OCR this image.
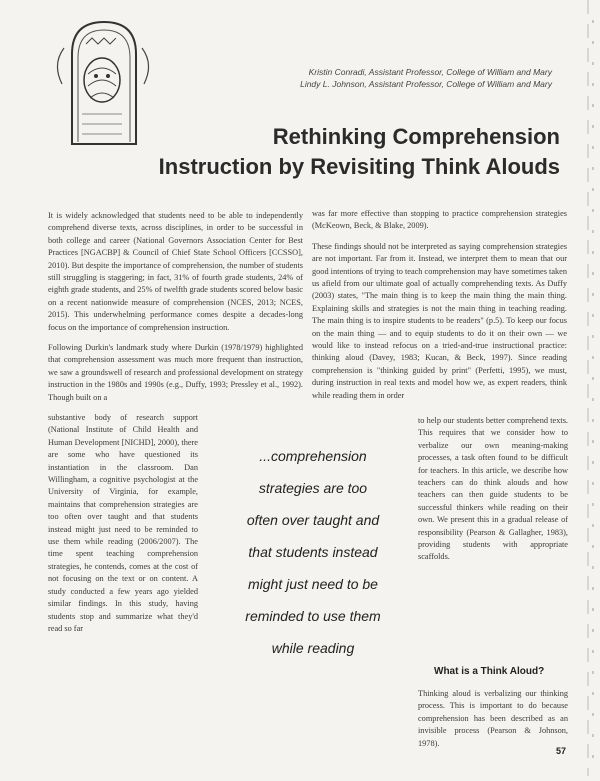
Kristin Conradi, Assistant Professor, College of William and Mary
Lindy L. Johnson, Assistant Professor, College of William and Mary
Rethinking Comprehension
Instruction by Revisiting Think Alouds

It is widely acknowledged that students need to be able to independently comprehend diverse texts, across disciplines, in order to be successful in both college and career (National Governors Association Center for Best Practices [NGACBP] & Council of Chief State School Officers [CCSSO], 2010). But despite the importance of comprehension, the number of students still struggling is staggering; in fact, 31% of fourth grade students, 24% of eighth grade students, and 25% of twelfth grade students scored below basic on a recent nationwide measure of comprehension (NCES, 2013; NCES, 2015). This underwhelming performance comes despite a decades-long focus on the importance of comprehension instruction.

Following Durkin's landmark study where Durkin (1978/1979) highlighted that comprehension assessment was much more frequent than instruction, we saw a groundswell of research and professional development on strategy instruction in the 1980s and 1990s (e.g., Duffy, 1993; Pressley et al., 1992). Though built on a

substantive body of research support (National Institute of Child Health and Human Development [NICHD], 2000), there are some who have questioned its instantiation in the classroom. Dan Willingham, a cognitive psychologist at the University of Virginia, for example, maintains that comprehension strategies are too often over taught and that students instead might just need to be reminded to use them while reading (2006/2007). The time spent teaching comprehension strategies, he contends, comes at the cost of not focusing on the text or on content. A study conducted a few years ago yielded similar findings. In this study, having students stop and summarize what they'd read so far

was far more effective than stopping to practice comprehension strategies (McKeown, Beck, & Blake, 2009).

These findings should not be interpreted as saying comprehension strategies are not important. Far from it. Instead, we interpret them to mean that our good intentions of trying to teach comprehension may have sometimes taken us afield from our ultimate goal of actually comprehending texts. As Duffy (2003) states, "The main thing is to keep the main thing the main thing. Explaining skills and strategies is not the main thing in teaching reading. The main thing is to inspire students to be readers" (p.5). To keep our focus on the main thing — and to equip students to do it on their own — we would like to instead refocus on a tried-and-true instructional practice: thinking aloud (Davey, 1983; Kucan, & Beck, 1997). Since reading comprehension is "thinking guided by print" (Perfetti, 1995), we must, during instruction in real texts and model how we, as expert readers, think while reading them in order

to help our students better comprehend texts. This requires that we consider how to verbalize our own meaning-making processes, a task often found to be difficult for teachers. In this article, we describe how teachers can do think alouds and how teachers can then guide students to be successful thinkers while reading on their own. We present this in a gradual release of responsibility (Pearson & Gallagher, 1983), providing students with appropriate scaffolds.

...comprehension
strategies are too
often over taught and
that students instead
might just need to be
reminded to use them
while reading
What is a Think Aloud?

Thinking aloud is verbalizing our thinking process. This is important to do because comprehension has been described as an invisible process (Pearson & Johnson, 1978).

57
